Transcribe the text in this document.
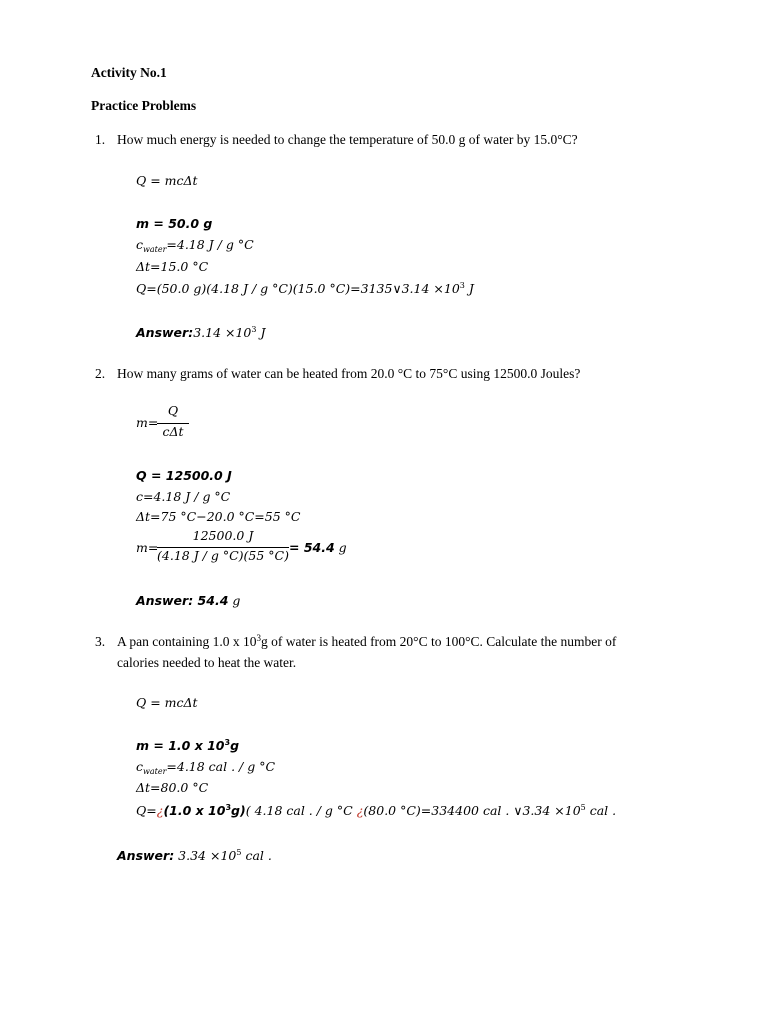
Activity No.1
Practice Problems
1. How much energy is needed to change the temperature of 50.0 g of water by 15.0°C?
Q = mcΔt
m = 50.0 g
$c_{water}=4.18$ J / g °C
Δt=15.0 °C
Q=(50.0 g)(4.18 J / g °C)(15.0 °C)=3135∨3.14 $\times 10^3$ J
Answer:3.14 $\times 10^3$ J
2. How many grams of water can be heated from 20.0 °C to 75°C using 12500.0 Joules?
m=
Q
cΔt
Q = 12500.0 J
c=4.18 J / g °C
Δt=75 °C−20.0 °C=55 °C
m=
12500.0 J
(4.18 J / g °C)(55 °C)
= 54.4 g
Answer: 54.4 g
3. A pan containing 1.0 x $10^3g$ of water is heated from 20°C to 100°C. Calculate the number of
calories needed to heat the water.
Q = mcΔt
m = 1.0 x $10^3g$
$c_{water}=4.18$ cal . / g °C
Δt=80.0 °C
Q=¿(1.0 x $10^3g$)( 4.18 cal . / g °C ¿(80.0 °C)=334400 cal . ∨3.34 $\times 10^5$ cal .
Answer: $3.34 \times 10^5$ cal .
